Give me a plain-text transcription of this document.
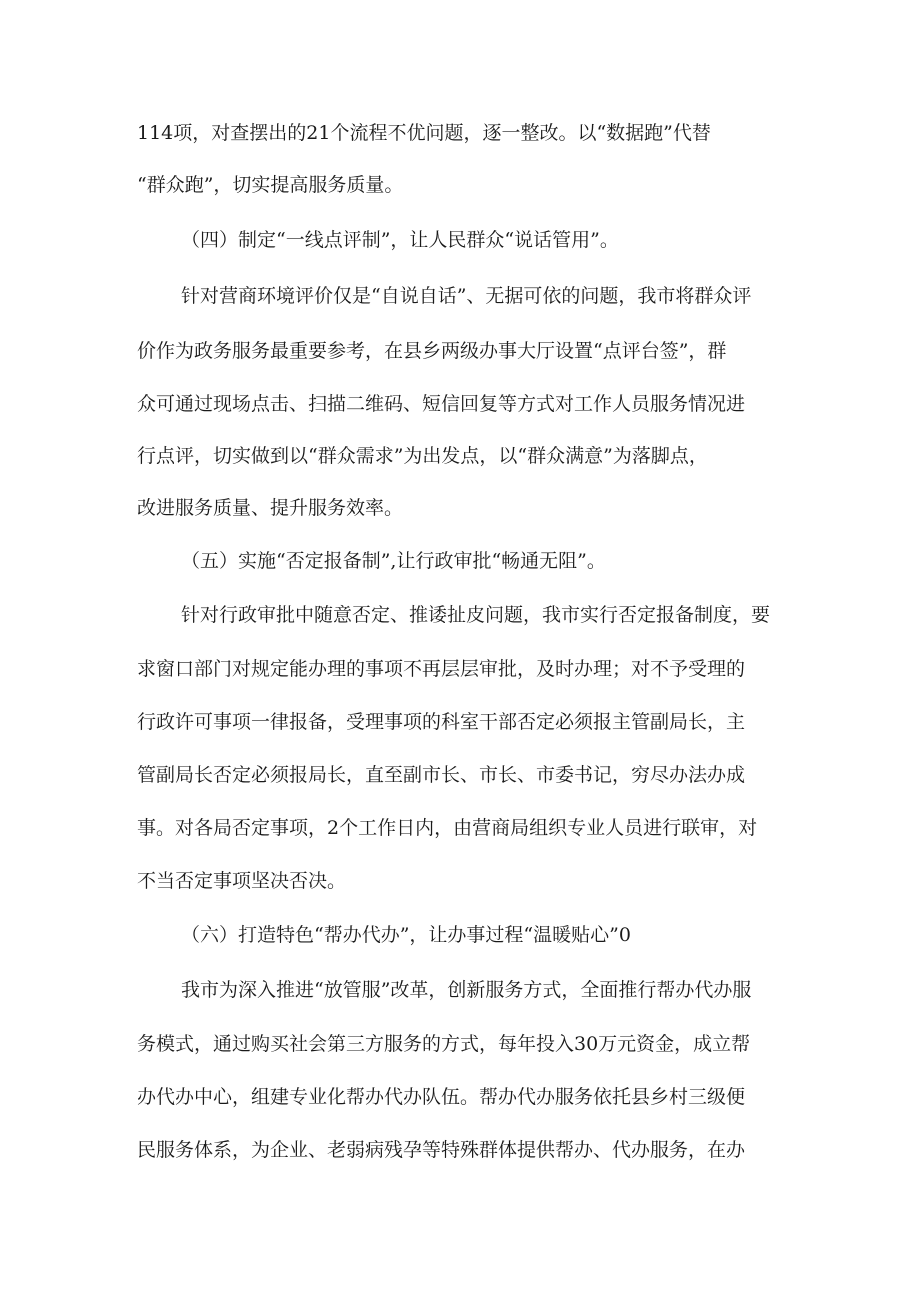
114项，对查摆出的21个流程不优问题，逐一整改。以“数据跑”代替
“群众跑”，切实提高服务质量。
（四）制定“一线点评制”，让人民群众“说话管用”。
针对营商环境评价仅是“自说自话”、无据可依的问题，我市将群众评
价作为政务服务最重要参考，在县乡两级办事大厅设置“点评台签”，群
众可通过现场点击、扫描二维码、短信回复等方式对工作人员服务情况进
行点评，切实做到以“群众需求”为出发点，以“群众满意”为落脚点，
改进服务质量、提升服务效率。
（五）实施“否定报备制”,让行政审批“畅通无阻”。
针对行政审批中随意否定、推诿扯皮问题，我市实行否定报备制度，要
求窗口部门对规定能办理的事项不再层层审批，及时办理；对不予受理的
行政许可事项一律报备，受理事项的科室干部否定必须报主管副局长，主
管副局长否定必须报局长，直至副市长、市长、市委书记，穷尽办法办成
事。对各局否定事项，2个工作日内，由营商局组织专业人员进行联审，对
不当否定事项坚决否决。
（六）打造特色“帮办代办”，让办事过程“温暖贴心”0
我市为深入推进“放管服”改革，创新服务方式，全面推行帮办代办服
务模式，通过购买社会第三方服务的方式，每年投入30万元资金，成立帮
办代办中心，组建专业化帮办代办队伍。帮办代办服务依托县乡村三级便
民服务体系，为企业、老弱病残孕等特殊群体提供帮办、代办服务，在办
